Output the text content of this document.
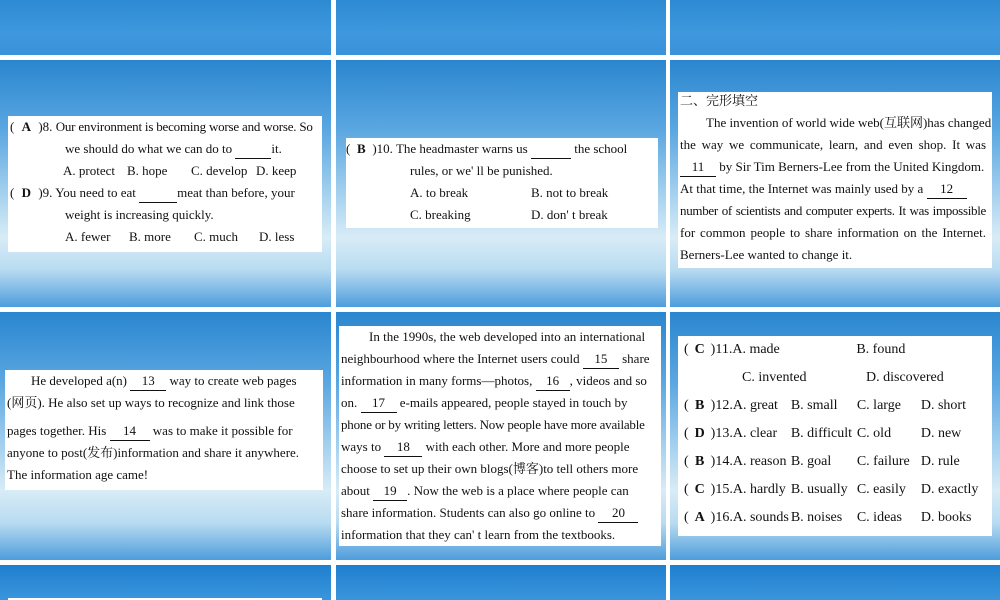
( A )8. Our environment is becoming worse and worse. So
we should do what we can do to	it.
A. protect B. hope C. develop D. keep
( D )9. You need to eat	meat than before, your
weight is increasing quickly.
A. fewer B. more C. much D. less
( B )10. The headmaster warns us	the school
rules, or we' ll be punished.
A. to break	B. not to break
C. breaking	D. don' t break
二、完形填空
The invention of world wide web(互联网)has changed
the way we communicate, learn, and even shop. It was
11 by Sir Tim Berners-Lee from the United Kingdom.
At that time, the Internet was mainly used by a 12
number of scientists and computer experts. It was impossible
for common people to share information on the Internet.
Berners-Lee wanted to change it.
He developed a(n) 13 way to create web pages
(网页). He also set up ways to recognize and link those
pages together. His 14 was to make it possible for
anyone to post(发布)information and share it anywhere.
The information age came!
In the 1990s, the web developed into an international
neighbourhood where the Internet users could 15 share
information in many forms—photos, 16 , videos and so
on. 17 e-mails appeared, people stayed in touch by
phone or by writing letters. Now people have more available
ways to 18 with each other. More and more people
choose to set up their own blogs(博客)to tell others more
about 19 . Now the web is a place where people can
share information. Students can also go online to 20
information that they can' t learn from the textbooks.
( C )11.A. made	B. found
C. invented	D. discovered
( B )12.A. great B. small C. large D. short
( D )13.A. clear B. difficult C. old D. new
( B )14.A. reason B. goal C. failure D. rule
( C )15.A. hardly B. usually C. easily D. exactly
( A )16.A. sounds B. noises C. ideas D. books
